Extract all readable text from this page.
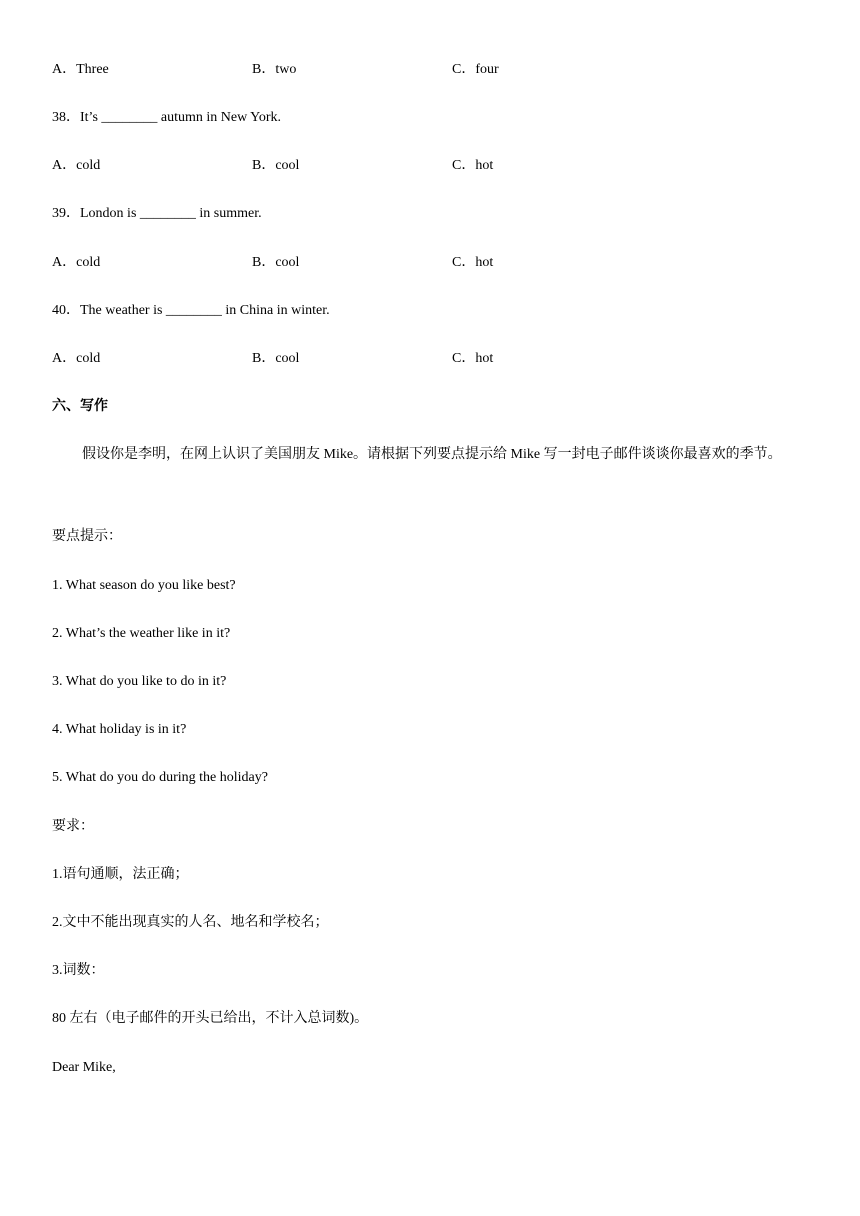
A．Three	B．two	C．four
38．It’s ________ autumn in New York.
A．cold	B．cool	C．hot
39．London is ________ in summer.
A．cold	B．cool	C．hot
40．The weather is ________ in China in winter.
A．cold	B．cool	C．hot
六、写作
假设你是李明，在网上认识了美国朋友 Mike。请根据下列要点提示给 Mike 写一封电子邮件谈谈你最喜欢的季节。
要点提示：
1. What season do you like best?
2. What’s the weather like in it?
3. What do you like to do in it?
4. What holiday is in it?
5. What do you do during the holiday?
要求：
1.语句通顺，法正确；
2.文中不能出现真实的人名、地名和学校名；
3.词数：
80 左右（电子邮件的开头已给出，不计入总词数)。
Dear Mike,
